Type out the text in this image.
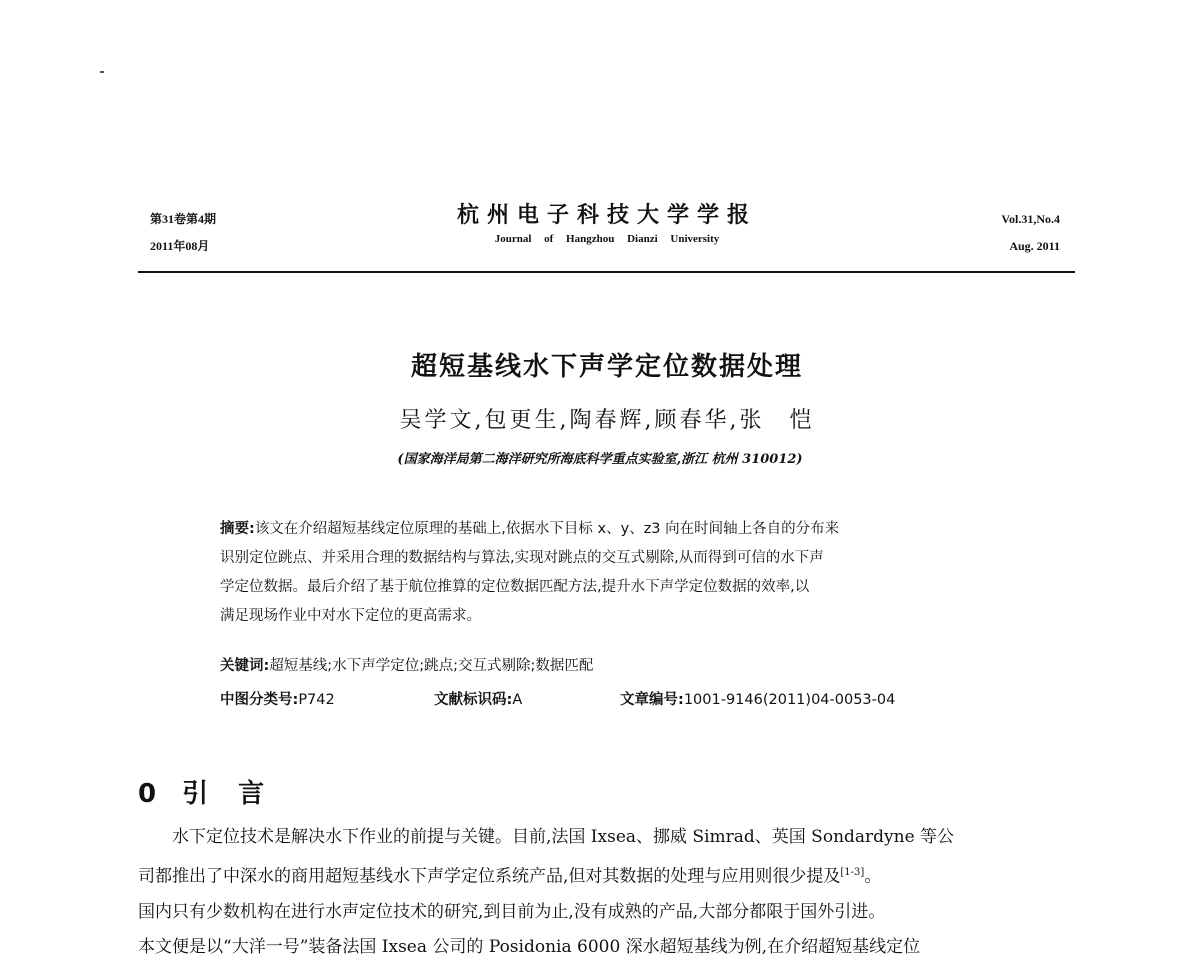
第31卷第4期
2011年08月
杭州电子科技大学学报
Journal of Hangzhou Dianzi University
Vol.31,No.4
Aug. 2011
超短基线水下声学定位数据处理
吴学文,包更生,陶春辉,顾春华,张　恺
(国家海洋局第二海洋研究所海底科学重点实验室,浙江 杭州 310012)
摘要:该文在介绍超短基线定位原理的基础上,依据水下目标 x、y、z3 向在时间轴上各自的分布来
识别定位跳点、并采用合理的数据结构与算法,实现对跳点的交互式剔除,从而得到可信的水下声
学定位数据。最后介绍了基于航位推算的定位数据匹配方法,提升水下声学定位数据的效率,以
满足现场作业中对水下定位的更高需求。
关键词:超短基线;水下声学定位;跳点;交互式剔除;数据匹配
中图分类号:P742	文献标识码:A	文章编号:1001-9146(2011)04-0053-04
0 引言
水下定位技术是解决水下作业的前提与关键。目前,法国 Ixsea、挪威 Simrad、英国 Sondardyne 等公
司都推出了中深水的商用超短基线水下声学定位系统产品,但对其数据的处理与应用则很少提及[1-3]。
国内只有少数机构在进行水声定位技术的研究,到目前为止,没有成熟的产品,大部分都限于国外引进。
本文便是以“大洋一号”装备法国 Ixsea 公司的 Posidonia 6000 深水超短基线为例,在介绍超短基线定位
